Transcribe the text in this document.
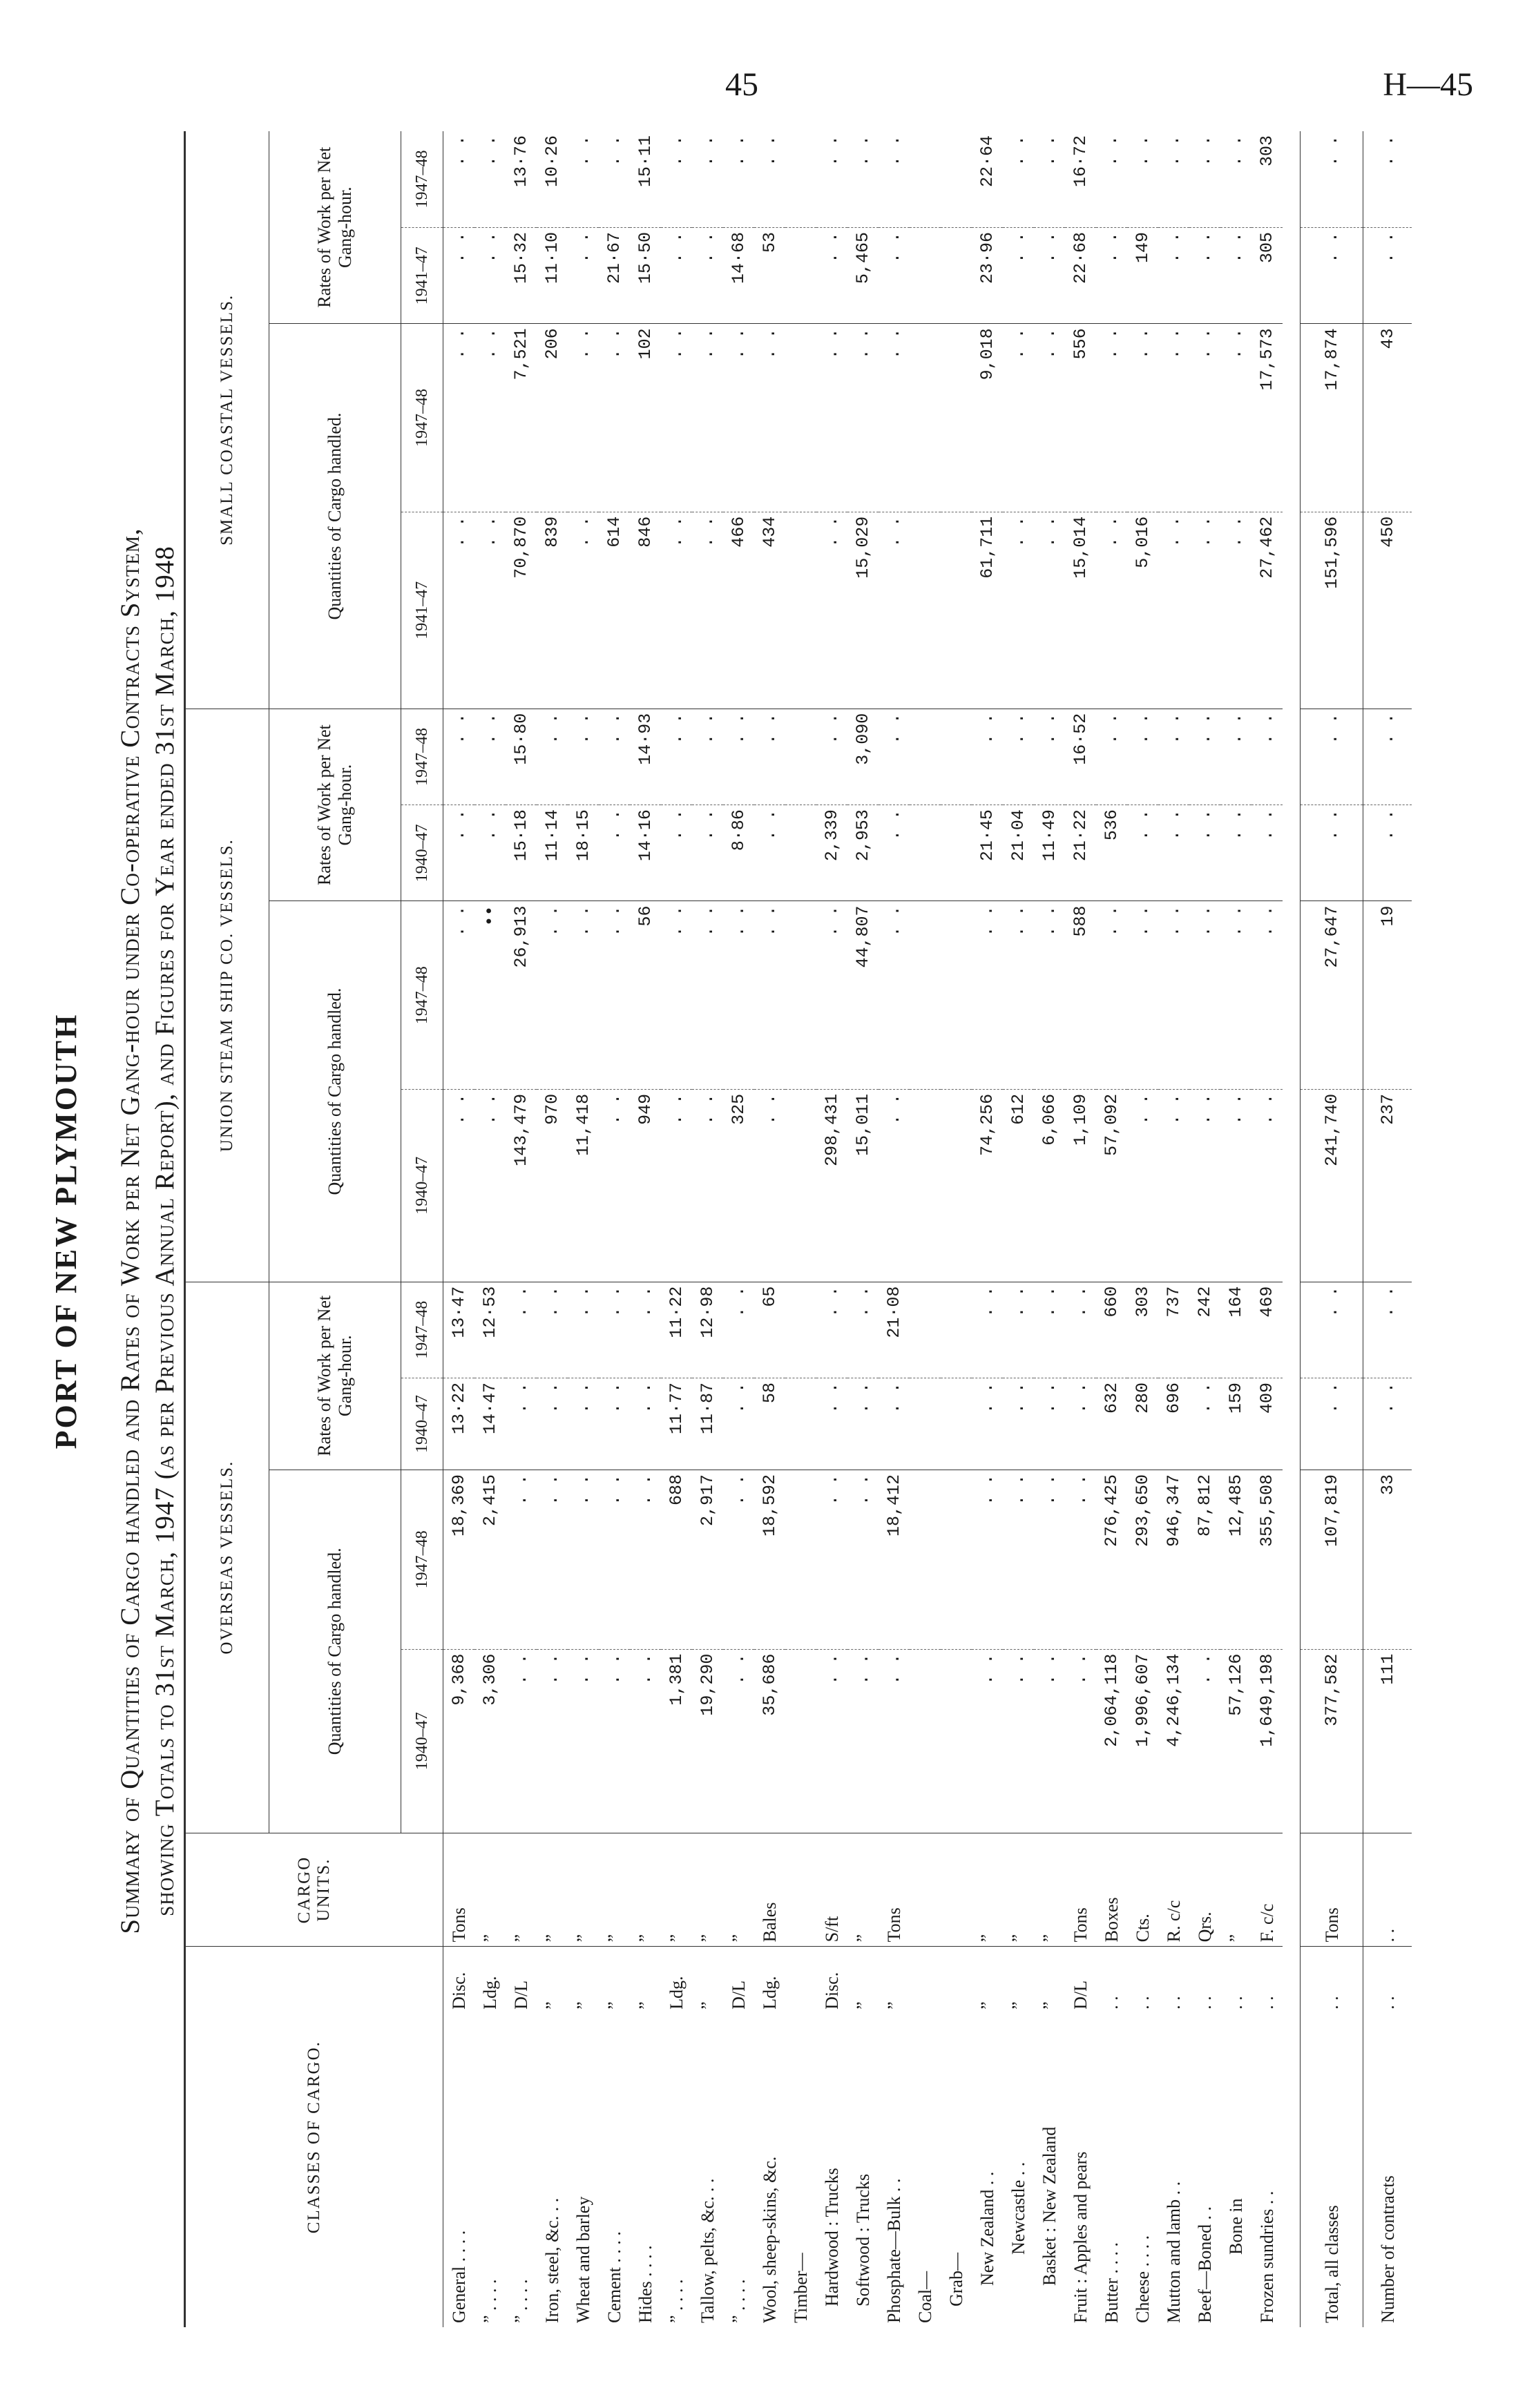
45	H—45

PORT OF NEW PLYMOUTH Summary of Quantities of Cargo handled and Rates of Work per Net Gang-hour under Co-operative Contracts System, showing Totals to 31st March, 1947 (as per Previous Annual Report), and Figures for Year ended 31st March, 1948
CLASSES OF CARGO.		CARGO UNITS.	OVERSEAS VESSELS.				UNION STEAM SHIP CO. VESSELS.				SMALL COASTAL VESSELS.			
			Quantities of Cargo handled.		Rates of Work per Net Gang-hour.		Quantities of Cargo handled.		Rates of Work per Net Gang-hour.		Quantities of Cargo handled.		Rates of Work per Net Gang-hour.	
			1940–47	1947–48	1940–47	1947–48	1940–47	1947–48	1940–47	1947–48	1941–47	1947–48	1941–47	1947–48
General . . . .	Disc.	Tons	9,368	18,369	13·22	13·47	. .	. .	. .	. .	. .	. .	. .	. .
” . . . .	Ldg.	”	3,306	2,415	14·47	12·53	. .	••	. .	. .	. .	. .	. .	. .
” . . . .	D/L	”	. .	. .	. .	. .	143,479	26,913	15·18	15·80	70,870	7,521	15·32	13·76
Iron, steel, &c. . .	”	”	. .	. .	. .	. .	970	. .	11·14	. .	839	206	11·10	10·26
Wheat and barley	”	”	. .	. .	. .	. .	11,418	. .	18·15	. .	. .	. .	. .	. .
Cement . . . .	”	”	. .	. .	. .	. .	. .	. .	. .	. .	614	. .	21·67	. .
Hides . . . .	”	”	. .	. .	. .	. .	949	56	14·16	14·93	846	102	15·50	15·11
” . . . .	Ldg.	”	1,381	688	11·77	11·22	. .	. .	. .	. .	. .	. .	. .	. .
Tallow, pelts, &c. . .	”	”	19,290	2,917	11·87	12·98	. .	. .	. .	. .	. .	. .	. .	. .
” . . . .	D/L	”	. .	. .	. .	. .	325	. .	8·86	. .	466	. .	14·68	. .
Wool, sheep-skins, &c.	Ldg.	Bales	35,686	18,592	58	65	. .	. .	. .	. .	434	. .	53	. .
Timber—														
Hardwood : Trucks	Disc.	S/ft	. .	. .	. .	. .	298,431	. .	2,339	. .	. .	. .	. .	. .
Softwood : Trucks	”	”	. .	. .	. .	. .	15,011	44,807	2,953	3,090	15,029	. .	5,465	. .
Phosphate—Bulk . .	”	Tons	. .	18,412	. .	21·08	. .	. .	. .	. .	. .	. .	. .	. .
Coal—														
Grab—														
New Zealand . .	”	”	. .	. .	. .	. .	74,256	. .	21·45	. .	61,711	9,018	23·96	22·64
Newcastle . .	”	”	. .	. .	. .	. .	612	. .	21·04	. .	. .	. .	. .	. .
Basket : New Zealand	”	”	. .	. .	. .	. .	6,066	. .	11·49	. .	. .	. .	. .	. .
Fruit : Apples and pears	D/L	Tons	. .	. .	. .	. .	1,109	588	21·22	16·52	15,014	556	22·68	16·72
Butter . . . .	. .	Boxes	2,064,118	276,425	632	660	57,092	. .	536	. .	. .	. .	. .	. .
Cheese . . . .	. .	Cts.	1,996,607	293,650	280	303	. .	. .	. .	. .	5,016	. .	149	. .
Mutton and lamb . .	. .	R. c/c	4,246,134	946,347	696	737	. .	. .	. .	. .	. .	. .	. .	. .
Beef—Boned . .	. .	Qrs.	. .	87,812	. .	242	. .	. .	. .	. .	. .	. .	. .	. .
Bone in	. .	”	57,126	12,485	159	164	. .	. .	. .	. .	. .	. .	. .	. .
Frozen sundries . .	. .	F. c/c	1,649,198	355,508	409	469	. .	. .	. .	. .	27,462	17,573	305	303

Total, all classes	. .	Tons	377,582	107,819	. .	. .	241,740	27,647	. .	. .	151,596	17,874	. .	. .
Number of contracts	. .	. .	111	33	. .	. .	237	19	. .	. .	450	43	. .	. .
